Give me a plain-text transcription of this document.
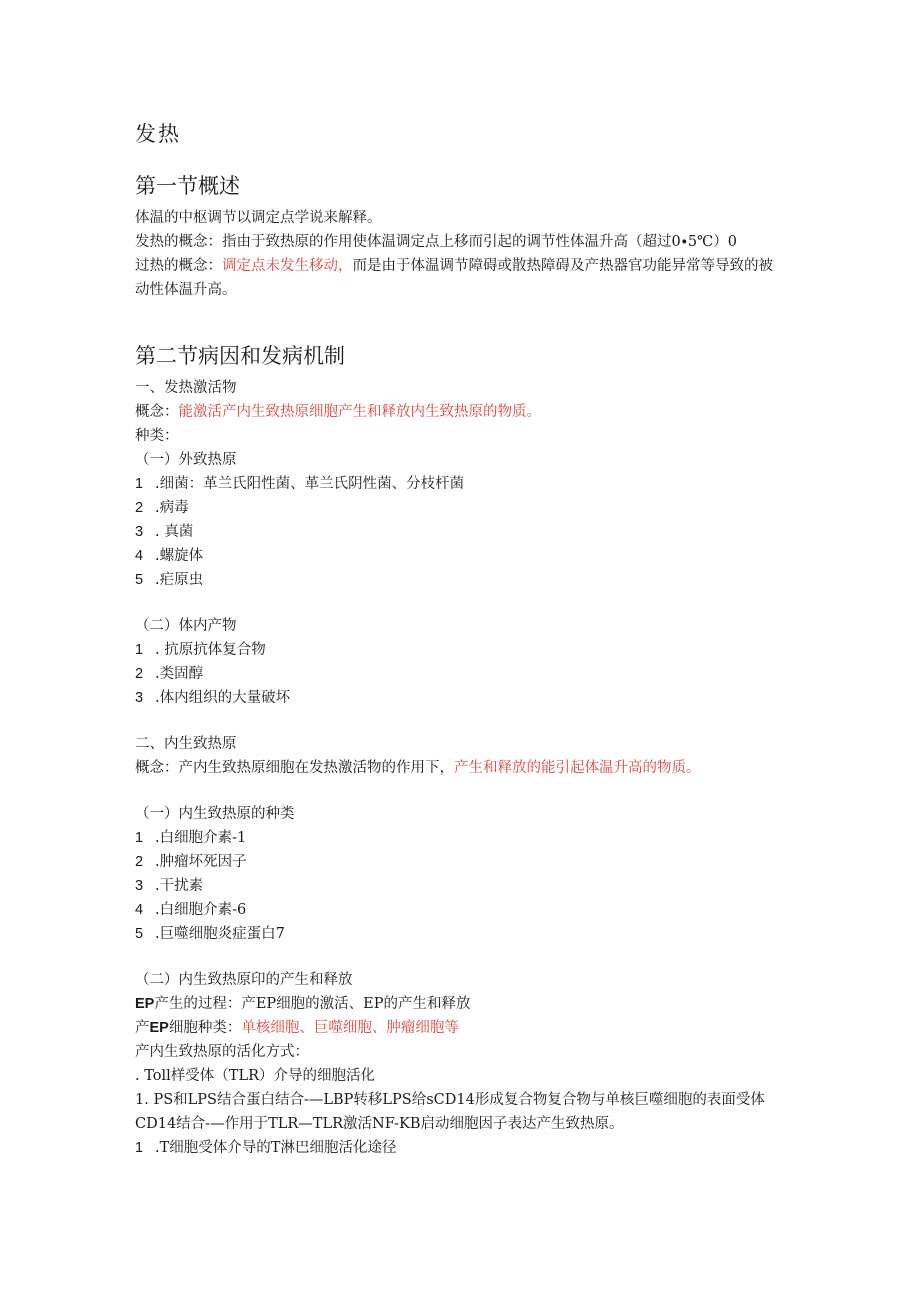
发热
第一节概述
体温的中枢调节以调定点学说来解释。
发热的概念：指由于致热原的作用使体温调定点上移而引起的调节性体温升高（超过0∙5℃）0
过热的概念：调定点未发生移动，而是由于体温调节障碍或散热障碍及产热器官功能异常等导致的被动性体温升高。
第二节病因和发病机制
一、发热激活物
概念：能激活产内生致热原细胞产生和释放内生致热原的物质。
种类：
（一）外致热原
1 .细菌：革兰氏阳性菌、革兰氏阴性菌、分枝杆菌
2 .病毒
3 . 真菌
4 .螺旋体
5 .疟原虫
（二）体内产物
1 . 抗原抗体复合物
2 .类固醇
3 .体内组织的大量破坏
二、内生致热原
概念：产内生致热原细胞在发热激活物的作用下，产生和释放的能引起体温升高的物质。
（一）内生致热原的种类
1 .白细胞介素-1
2 .肿瘤坏死因子
3 .干扰素
4 .白细胞介素-6
5 .巨噬细胞炎症蛋白7
（二）内生致热原印的产生和释放
EP产生的过程：产EP细胞的激活、EP的产生和释放
产EP细胞种类：单核细胞、巨噬细胞、肿瘤细胞等
产内生致热原的活化方式：
. Toll样受体（TLR）介导的细胞活化
1. PS和LPS结合蛋白结合-—LBP转移LPS给sCD14形成复合物复合物与单核巨噬细胞的表面受体CD14结合-—作用于TLR—TLR激活NF-KB启动细胞因子表达产生致热原。
1 .T细胞受体介导的T淋巴细胞活化途径
